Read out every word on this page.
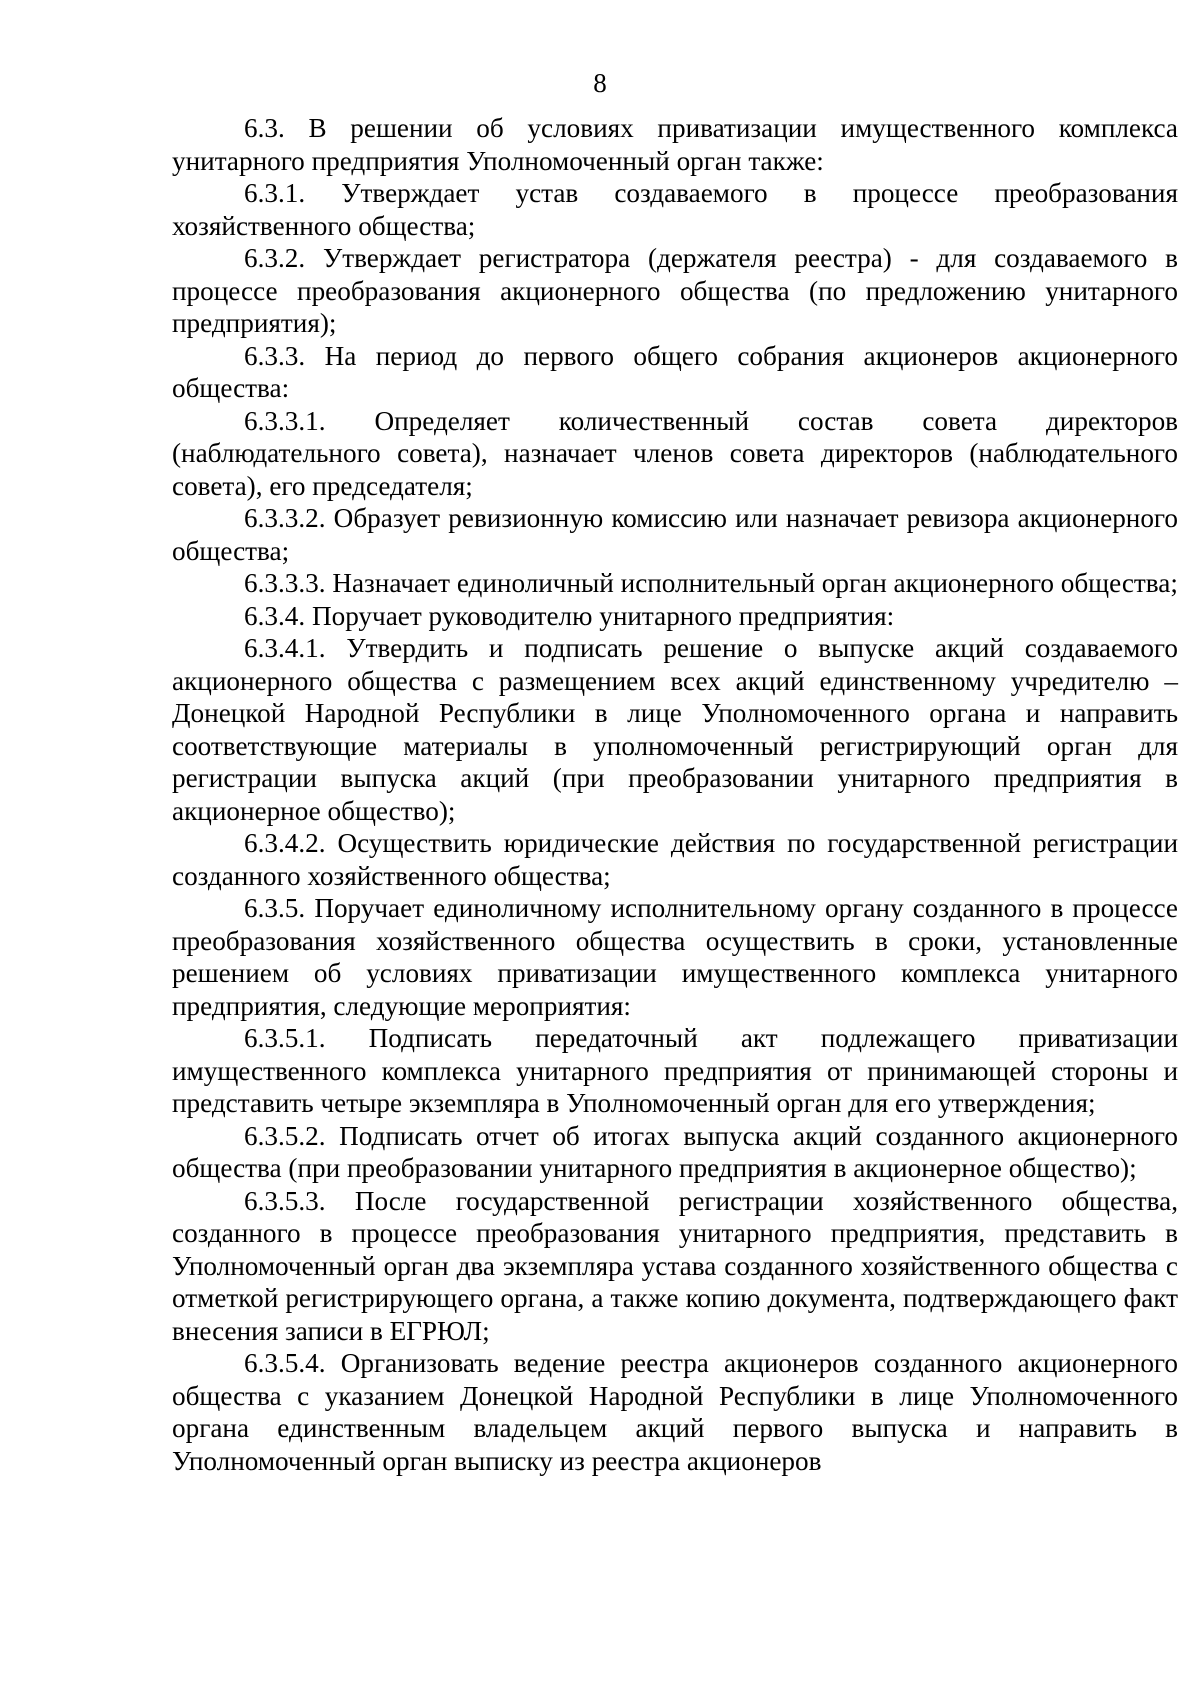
8

6.3. В решении об условиях приватизации имущественного комплекса унитарного предприятия Уполномоченный орган также:

6.3.1. Утверждает устав создаваемого в процессе преобразования хозяйственного общества;

6.3.2. Утверждает регистратора (держателя реестра) - для создаваемого в процессе преобразования акционерного общества (по предложению унитарного предприятия);

6.3.3. На период до первого общего собрания акционеров акционерного общества:

6.3.3.1. Определяет количественный состав совета директоров (наблюдательного совета), назначает членов совета директоров (наблюдательного совета), его председателя;

6.3.3.2. Образует ревизионную комиссию или назначает ревизора акционерного общества;

6.3.3.3. Назначает единоличный исполнительный орган акционерного общества;

6.3.4. Поручает руководителю унитарного предприятия:

6.3.4.1. Утвердить и подписать решение о выпуске акций создаваемого акционерного общества с размещением всех акций единственному учредителю – Донецкой Народной Республики в лице Уполномоченного органа и направить соответствующие материалы в уполномоченный регистрирующий орган для регистрации выпуска акций (при преобразовании унитарного предприятия в акционерное общество);

6.3.4.2. Осуществить юридические действия по государственной регистрации созданного хозяйственного общества;

6.3.5. Поручает единоличному исполнительному органу созданного в процессе преобразования хозяйственного общества осуществить в сроки, установленные решением об условиях приватизации имущественного комплекса унитарного предприятия, следующие мероприятия:

6.3.5.1. Подписать передаточный акт подлежащего приватизации имущественного комплекса унитарного предприятия от принимающей стороны и представить четыре экземпляра в Уполномоченный орган для его утверждения;

6.3.5.2. Подписать отчет об итогах выпуска акций созданного акционерного общества (при преобразовании унитарного предприятия в акционерное общество);

6.3.5.3. После государственной регистрации хозяйственного общества, созданного в процессе преобразования унитарного предприятия, представить в Уполномоченный орган два экземпляра устава созданного хозяйственного общества с отметкой регистрирующего органа, а также копию документа, подтверждающего факт внесения записи в ЕГРЮЛ;

6.3.5.4. Организовать ведение реестра акционеров созданного акционерного общества с указанием Донецкой Народной Республики в лице Уполномоченного органа единственным владельцем акций первого выпуска и направить в Уполномоченный орган выписку из реестра акционеров
